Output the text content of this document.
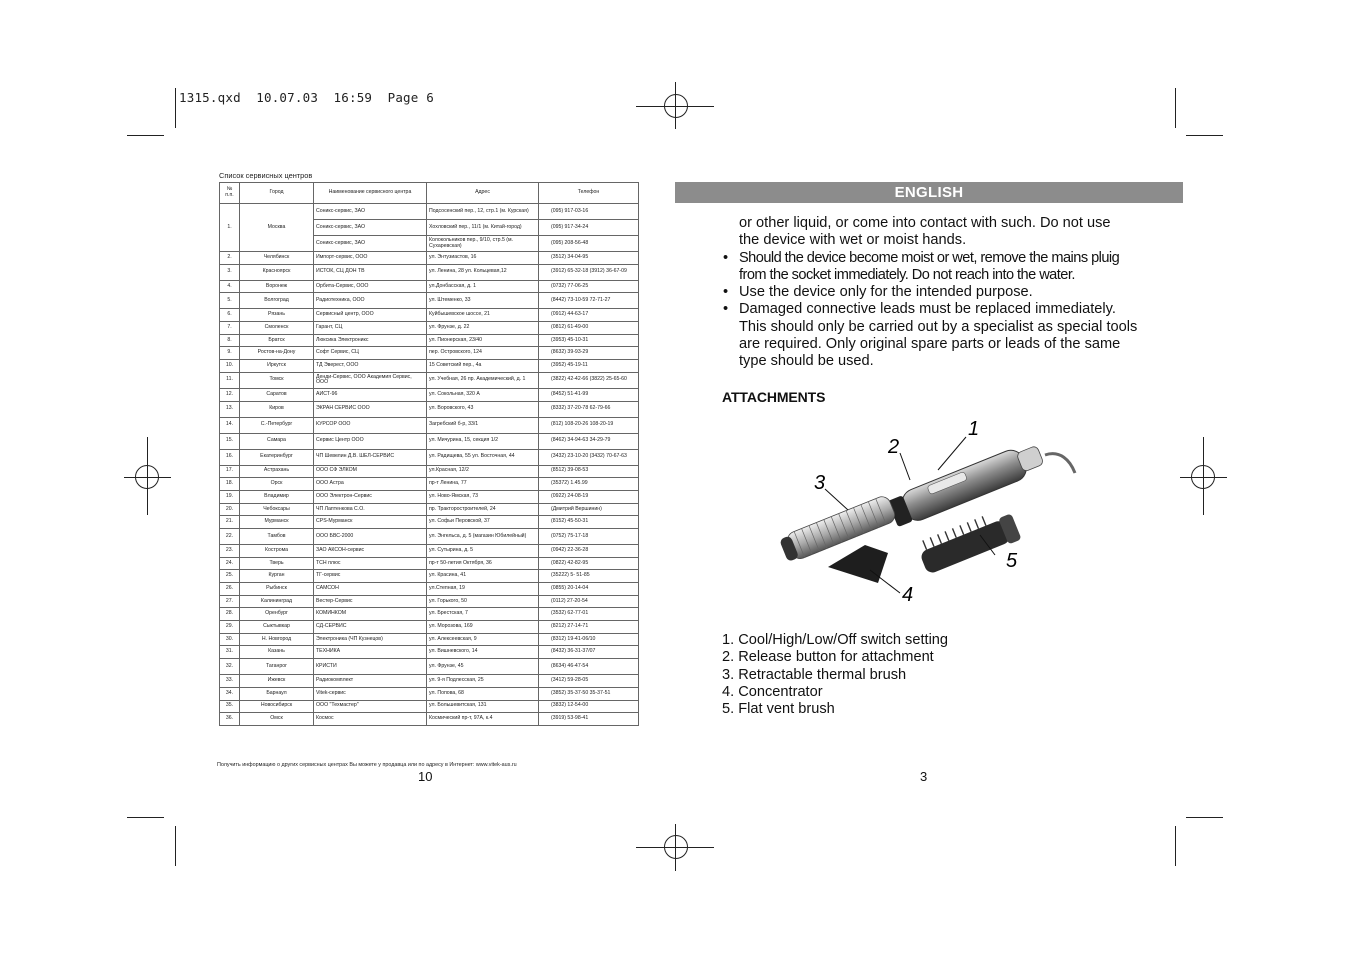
1315.qxd  10.07.03  16:59  Page 6
Список сервисных центров
№ п.п.	Город	Наименование сервисного центра	Адрес	Телефон
1.	Москва	Соникс-сервис, ЗАО	Подсосенский пер., 12, стр.1 (м. Курская)	(095) 917-03-16
		Соникс-сервис, ЗАО	Хохловский пер., 11/1 (м. Китай-город)	(095) 917-34-24
		Соникс-сервис, ЗАО	Колокольников пер., 9/10, стр.5 (м. Сухаревская)	(095) 208-56-48
2.	Челябинск	Импорт-сервис, ООО	ул. Энтузиастов, 16	(3512) 34-04-95
3.	Красноярск	ИСТОК, СЦ ДОН ТВ	ул. Ленина, 28 ул. Кольцевая,12	(3912) 65-32-18 (3912) 36-67-09
4.	Воронеж	Орбита-Сервис, ООО	ул.Донбасская, д. 1	(0732) 77-06-25
5.	Волгоград	Радиотехника, ООО	ул. Штеменко, 33	(8442) 73-10-59 72-71-27
6.	Рязань	Сервисный центр, ООО	Куйбышевское шоссе, 21	(0912) 44-63-17
7.	Смоленск	Гарант, СЦ	ул. Фрунзе, д. 22	(0812) 61-49-00
8.	Братск	Люксика Электроникс	ул. Пионерская, 23/40	(3953) 45-10-31
9.	Ростов-на-Дону	Софт Сервис, СЦ	пер. Островского, 124	(8632) 39-93-29
10.	Иркутск	ТД Эверест, ООО	15 Советский пер., 4а	(3952) 45-19-11
11.	Томск	Денди-Сервис, ООО Академия Сервис, ООО	ул. Учебная, 26 пр. Академический, д. 1	(3822) 42-42-66 (3822) 25-65-60
12.	Саратов	АИСТ-96	ул. Сокольная, 320 А	(8452) 51-41-99
13.	Киров	ЭКРАН СЕРВИС ООО	ул. Воровского, 43	(8332) 37-20-78 62-79-66
14.	С.-Петербург	КУРСОР ООО	Загребский б-р, 33/1	(812) 108-20-26 108-20-19
15.	Самара	Сервис Центр ООО	ул. Мичурина, 15, секция 1/2	(8462) 34-94-63 34-29-79
16.	Екатеринбург	ЧП Шевелин Д.В. ШЕЛ-СЕРВИС	ул. Радищева, 55 ул. Восточная, 44	(3432) 23-10-20 (3432) 70-67-63
17.	Астрахань	ООО СФ ЭЛКОМ	ул.Красная, 12/2	(8512) 39-08-53
18.	Орск	ООО Астра	пр-т Ленина, 77	(35372) 1.45.99
19.	Владимир	ООО Электрон-Сервис	ул. Ново-Ямская, 73	(0922) 24-08-19
20.	Чебоксары	ЧП Лаптенкова С.О.	пр. Тракторостроителей, 24	(Дмитрий Вершинин)
21.	Мурманск	CPS-Мурманск	ул. Софьи Перовской, 37	(8152) 45-50-31
22.	Тамбов	ООО БВС-2000	ул. Энгельса, д. 5 (магазин Юбилейный)	(0752) 75-17-18
23.	Кострома	ЗАО АКСОН-сервис	ул. Сутырина, д. 5	(0942) 22-36-28
24.	Тверь	ТСН плюс	пр-т 50-летия Октября, 36	(0822) 42-82-95
25.	Курган	ТГ-сервис	ул. Красина, 41	(35222) 5- 51-85
26.	Рыбинск	САМСОН	ул.Степная, 19	(0855) 20-14-04
27.	Калининград	Вестер-Сервис	ул. Горького, 50	(0112) 27-20-54
28.	Оренбург	КОМИНКОМ	ул. Брестская, 7	(3532) 62-77-01
29.	Сыктывкар	СД-СЕРВИС	ул. Морозова, 169	(8212) 27-14-71
30.	Н. Новгород	Электроника (ЧП Кузнецов)	ул. Алексеевская, 9	(8312) 19-41-06/10
31.	Казань	ТЕХНИКА	ул. Вишневского, 14	(8432) 36-31-37/07
32.	Таганрог	КРИСТИ	ул. Фрунзе, 45	(8634) 46-47-54
33.	Ижевск	Радиокомплект	ул. 9-я Подлесская, 25	(3412) 59-28-05
34.	Барнаул	Vitek-сервис	ул. Попова, 68	(3852) 35-37-50 35-37-51
35.	Новосибирск	ООО "Техмастер"	ул. Большевитская, 131	(3832) 12-54-00
36.	Омск	Космос	Космический пр-т, 97А, к.4	(3919) 53-98-41
Получить информацию о других сервисных центрах Вы можете у продавца или по адресу в Интернет: www.vitek-aus.ru
10
ENGLISH

or other liquid, or come into contact with such. Do not use

the device with wet or moist hands.

• Should the device become moist or wet, remove the mains pluig from the socket immediately. Do not reach into the water.
• Use the device only for the intended purpose.
• Damaged connective leads must be replaced immediately. This should only be carried out by a specialist as special tools are required. Only original spare parts or leads of the same type should be used.
ATTACHMENTS
1
2
3
4
5
1. Cool/High/Low/Off switch setting
2. Release button for attachment
3. Retractable thermal brush
4. Concentrator
5. Flat vent brush
3
